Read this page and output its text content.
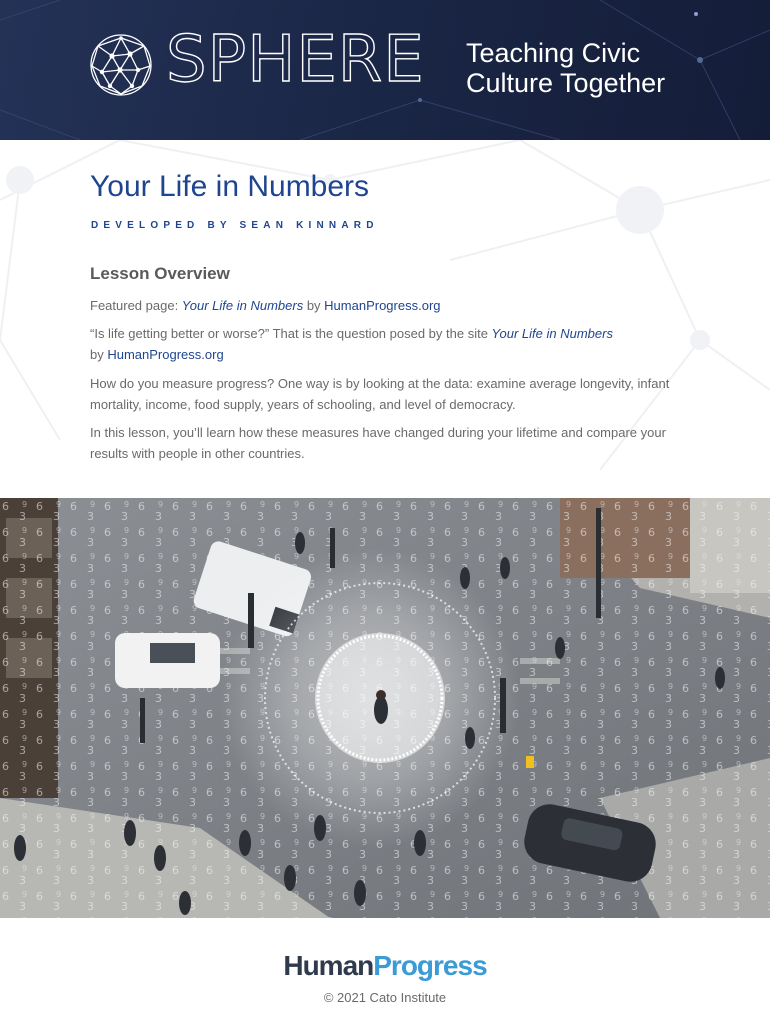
SPHERE Teaching Civic
Culture Together
Your Life in Numbers
DEVELOPED BY SEAN KINNARD
Lesson Overview

Featured page: Your Life in Numbers by HumanProgress.org

“Is life getting better or worse?” That is the question posed by the site Your Life in Numbers
by HumanProgress.org

How do you measure progress? One way is by looking at the data: examine average longevity, infant mortality, income, food supply, years of schooling, and level of democracy.

In this lesson, you’ll learn how these measures have changed during your lifetime and compare your results with people in other countries.

HumanProgress
© 2021 Cato Institute
